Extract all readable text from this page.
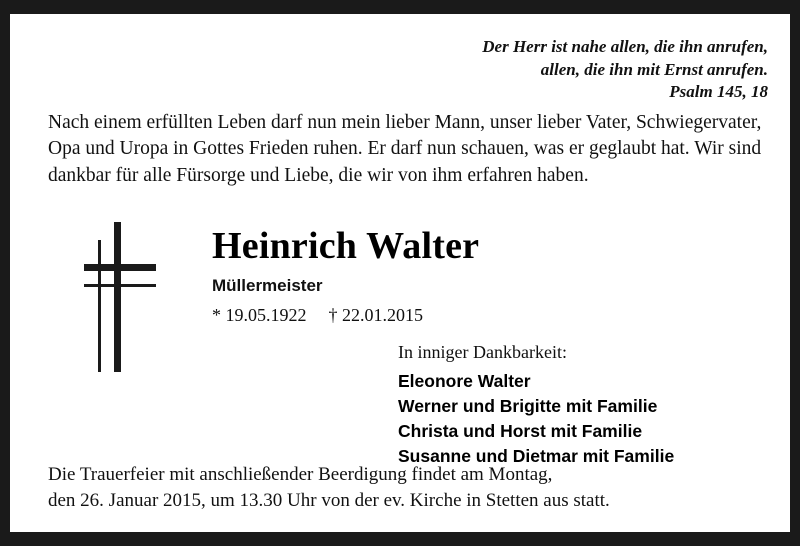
Der Herr ist nahe allen, die ihn anrufen,
allen, die ihn mit Ernst anrufen.
Psalm 145, 18
Nach einem erfüllten Leben darf nun mein lieber Mann, unser lieber Vater, Schwiegervater, Opa und Uropa in Gottes Frieden ruhen. Er darf nun schauen, was er geglaubt hat. Wir sind dankbar für alle Fürsorge und Liebe, die wir von ihm erfahren haben.
Heinrich Walter
Müllermeister
* 19.05.1922 † 22.01.2015
In inniger Dankbarkeit:
Eleonore Walter
Werner und Brigitte mit Familie
Christa und Horst mit Familie
Susanne und Dietmar mit Familie
Die Trauerfeier mit anschließender Beerdigung findet am Montag,
den 26. Januar 2015, um 13.30 Uhr von der ev. Kirche in Stetten aus statt.
